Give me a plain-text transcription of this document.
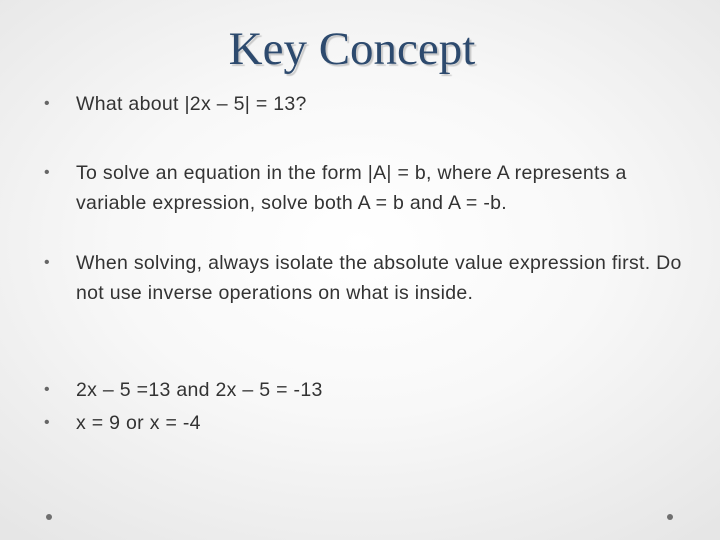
Key Concept
•	What about |2x – 5| = 13?
•	To solve an equation in the form |A| = b, where A represents a variable expression, solve both A = b and A = -b.
•	When solving, always isolate the absolute value expression first. Do not use inverse operations on what is inside.
•	2x – 5 =13 and 2x – 5 = -13
•	x = 9 or x = -4
